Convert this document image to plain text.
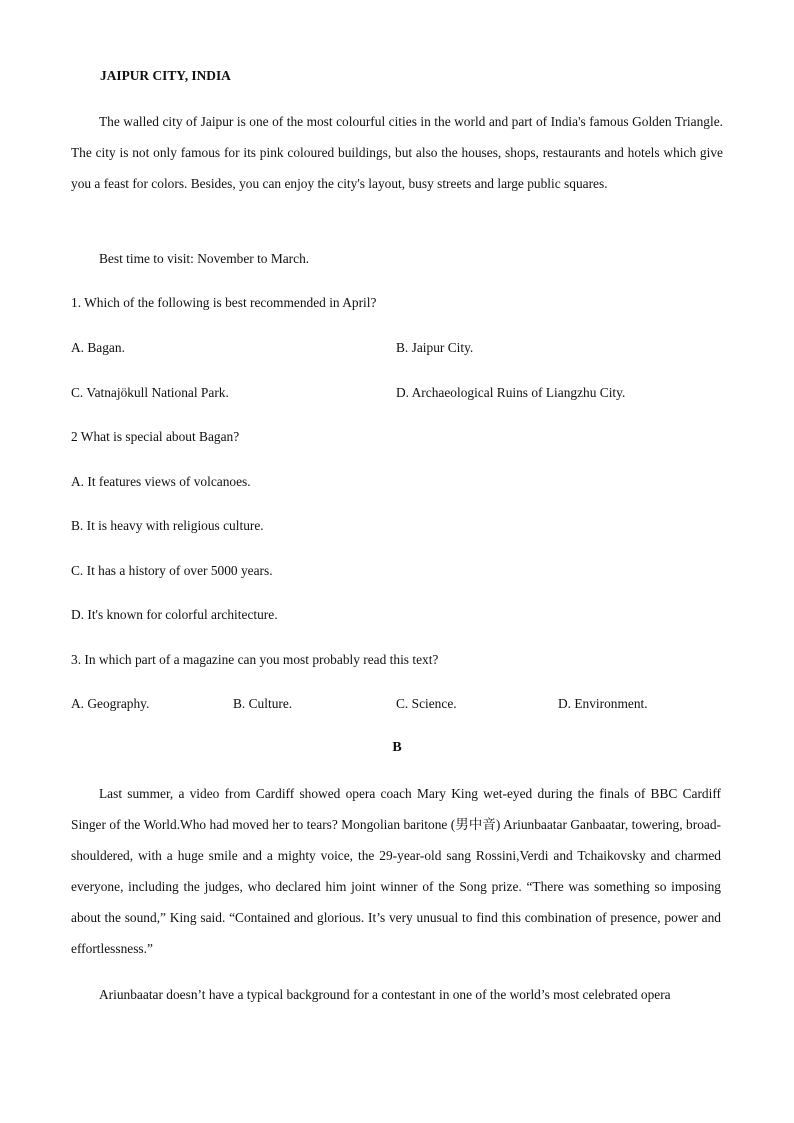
JAIPUR CITY, INDIA
The walled city of Jaipur is one of the most colourful cities in the world and part of India's famous Golden Triangle. The city is not only famous for its pink coloured buildings, but also the houses, shops, restaurants and hotels which give you a feast for colors. Besides, you can enjoy the city's layout, busy streets and large public squares.
Best time to visit: November to March.
1. Which of the following is best recommended in April?
A. Bagan.	B. Jaipur City.
C. Vatnajökull National Park.	D. Archaeological Ruins of Liangzhu City.
2 What is special about Bagan?
A. It features views of volcanoes.
B. It is heavy with religious culture.
C. It has a history of over 5000 years.
D. It's known for colorful architecture.
3. In which part of a magazine can you most probably read this text?
A. Geography.	B. Culture.	C. Science.	D. Environment.
B
Last summer, a video from Cardiff showed opera coach Mary King wet-eyed during the finals of BBC Cardiff Singer of the World.Who had moved her to tears? Mongolian baritone (男中音) Ariunbaatar Ganbaatar, towering, broad-shouldered, with a huge smile and a mighty voice, the 29-year-old sang Rossini,Verdi and Tchaikovsky and charmed everyone, including the judges, who declared him joint winner of the Song prize. “There was something so imposing about the sound,” King said. “Contained and glorious. It’s very unusual to find this combination of presence, power and effortlessness.”
Ariunbaatar doesn’t have a typical background for a contestant in one of the world’s most celebrated opera
